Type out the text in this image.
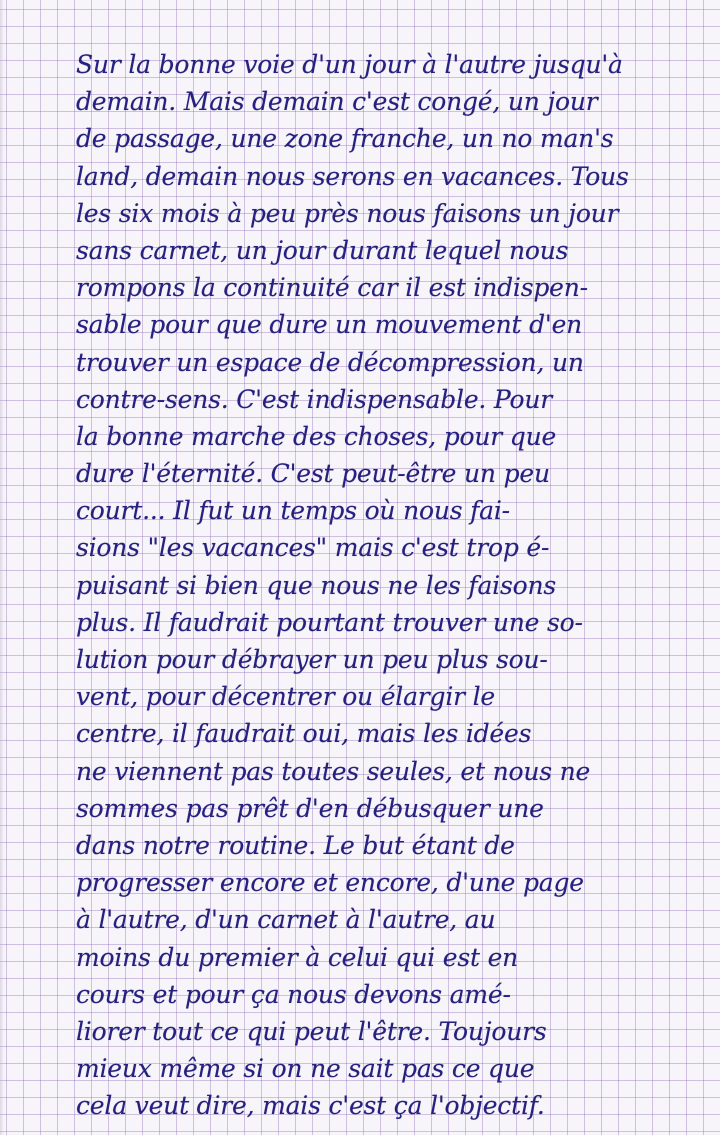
Sur la bonne voie d'un jour à l'autre jusqu'à
demain. Mais demain c'est congé, un jour
de passage, une zone franche, un no man's
land, demain nous serons en vacances. Tous
les six mois à peu près nous faisons un jour
sans carnet, un jour durant lequel nous
rompons la continuité car il est indispen-
sable pour que dure un mouvement d'en
trouver un espace de décompression, un
contre-sens. C'est indispensable. Pour
la bonne marche des choses, pour que
dure l'éternité. C'est peut-être un peu
court... Il fut un temps où nous fai-
sions "les vacances" mais c'est trop é-
puisant si bien que nous ne les faisons
plus. Il faudrait pourtant trouver une so-
lution pour débrayer un peu plus sou-
vent, pour décentrer ou élargir le
centre, il faudrait oui, mais les idées
ne viennent pas toutes seules, et nous ne
sommes pas prêt d'en débusquer une
dans notre routine. Le but étant de
progresser encore et encore, d'une page
à l'autre, d'un carnet à l'autre, au
moins du premier à celui qui est en
cours et pour ça nous devons amé-
liorer tout ce qui peut l'être. Toujours
mieux même si on ne sait pas ce que
cela veut dire, mais c'est ça l'objectif.
